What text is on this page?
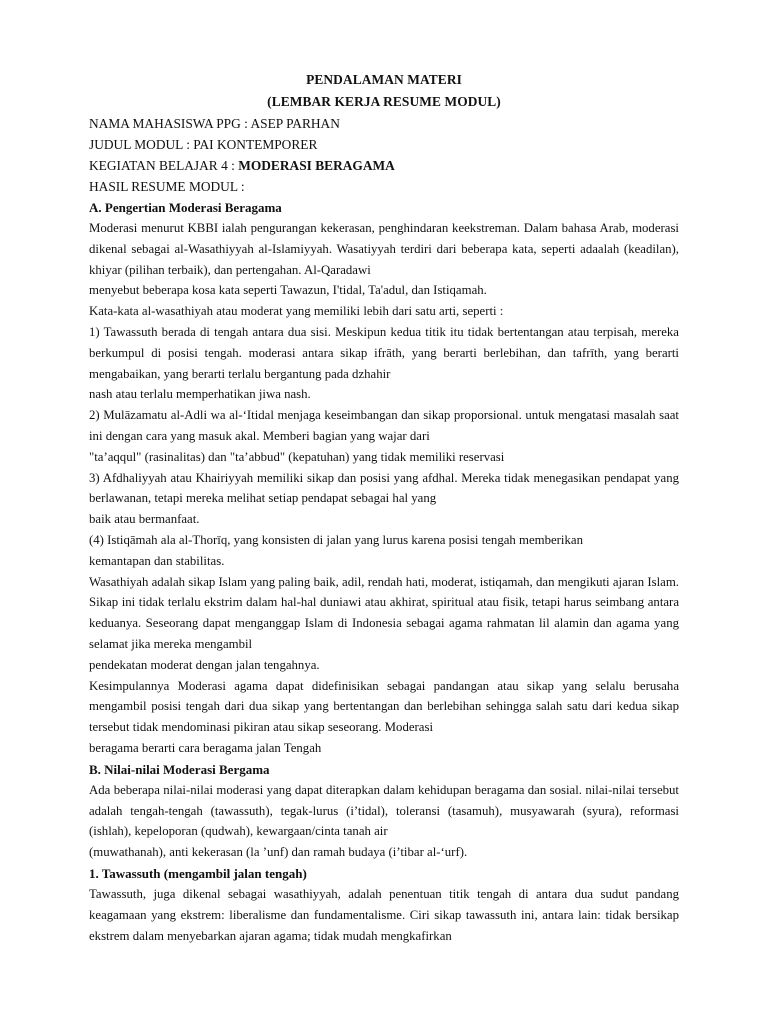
PENDALAMAN MATERI
(LEMBAR KERJA RESUME MODUL)
NAMA MAHASISWA PPG : ASEP PARHAN
JUDUL MODUL : PAI KONTEMPORER
KEGIATAN BELAJAR 4 : MODERASI BERAGAMA
HASIL RESUME MODUL :
A. Pengertian Moderasi Beragama

Moderasi menurut KBBI ialah pengurangan kekerasan, penghindaran keekstreman. Dalam bahasa Arab, moderasi dikenal sebagai al-Wasathiyyah al-Islamiyyah. Wasatiyyah terdiri dari beberapa kata, seperti adaalah (keadilan), khiyar (pilihan terbaik), dan pertengahan. Al-Qaradawi
menyebut beberapa kosa kata seperti Tawazun, I'tidal, Ta'adul, dan Istiqamah.

Kata-kata al-wasathiyah atau moderat yang memiliki lebih dari satu arti, seperti :

1) Tawassuth berada di tengah antara dua sisi. Meskipun kedua titik itu tidak bertentangan atau terpisah, mereka berkumpul di posisi tengah. moderasi antara sikap ifrāth, yang berarti berlebihan, dan tafrīth, yang berarti mengabaikan, yang berarti terlalu bergantung pada dzhahir
nash atau terlalu memperhatikan jiwa nash.

2) Mulāzamatu al-Adli wa al-‘Itidal menjaga keseimbangan dan sikap proporsional. untuk mengatasi masalah saat ini dengan cara yang masuk akal. Memberi bagian yang wajar dari
"ta’aqqul" (rasinalitas) dan "ta’abbud" (kepatuhan) yang tidak memiliki reservasi

3) Afdhaliyyah atau Khairiyyah memiliki sikap dan posisi yang afdhal. Mereka tidak menegasikan pendapat yang berlawanan, tetapi mereka melihat setiap pendapat sebagai hal yang
baik atau bermanfaat.

(4) Istiqāmah ala al-Thorīq, yang konsisten di jalan yang lurus karena posisi tengah memberikan
kemantapan dan stabilitas.

Wasathiyah adalah sikap Islam yang paling baik, adil, rendah hati, moderat, istiqamah, dan mengikuti ajaran Islam. Sikap ini tidak terlalu ekstrim dalam hal-hal duniawi atau akhirat, spiritual atau fisik, tetapi harus seimbang antara keduanya. Seseorang dapat menganggap Islam di Indonesia sebagai agama rahmatan lil alamin dan agama yang selamat jika mereka mengambil
pendekatan moderat dengan jalan tengahnya.

Kesimpulannya Moderasi agama dapat didefinisikan sebagai pandangan atau sikap yang selalu berusaha mengambil posisi tengah dari dua sikap yang bertentangan dan berlebihan sehingga salah satu dari kedua sikap tersebut tidak mendominasi pikiran atau sikap seseorang. Moderasi
beragama berarti cara beragama jalan Tengah

B. Nilai-nilai Moderasi Bergama

Ada beberapa nilai-nilai moderasi yang dapat diterapkan dalam kehidupan beragama dan sosial. nilai-nilai tersebut adalah tengah-tengah (tawassuth), tegak-lurus (i’tidal), toleransi (tasamuh), musyawarah (syura), reformasi (ishlah), kepeloporan (qudwah), kewargaan/cinta tanah air
(muwathanah), anti kekerasan (la ’unf) dan ramah budaya (i’tibar al-‘urf).

1. Tawassuth (mengambil jalan tengah)

Tawassuth, juga dikenal sebagai wasathiyyah, adalah penentuan titik tengah di antara dua sudut pandang keagamaan yang ekstrem: liberalisme dan fundamentalisme. Ciri sikap tawassuth ini, antara lain: tidak bersikap ekstrem dalam menyebarkan ajaran agama; tidak mudah mengkafirkan
